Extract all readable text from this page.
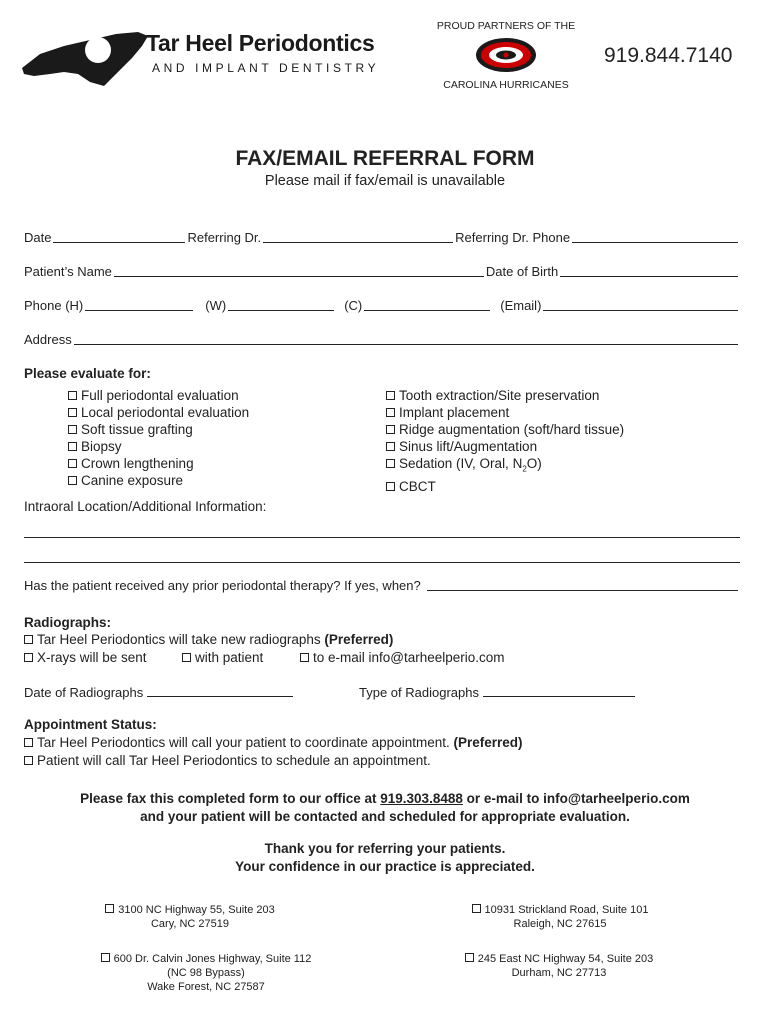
Tar Heel Periodontics
AND IMPLANT DENTISTRY
PROUD PARTNERS OF THE
CAROLINA HURRICANES
919.844.7140
FAX/EMAIL REFERRAL FORM
Please mail if fax/email is unavailable
Date	Referring Dr.	Referring Dr. Phone
Patient’s Name	Date of Birth
Phone (H)	(W)	(C)	(Email)
Address
Please evaluate for:
Full periodontal evaluation
Local periodontal evaluation
Soft tissue grafting
Biopsy
Crown lengthening
Canine exposure
Tooth extraction/Site preservation
Implant placement
Ridge augmentation (soft/hard tissue)
Sinus lift/Augmentation
Sedation (IV, Oral, $N_2O$)
CBCT
Intraoral Location/Additional Information:
Has the patient received any prior periodontal therapy? If yes, when?
Radiographs:
Tar Heel Periodontics will take new radiographs (Preferred)
X-rays will be sent	with patient	to e-mail info@tarheelperio.com
Date of Radiographs	Type of Radiographs
Appointment Status:
Tar Heel Periodontics will call your patient to coordinate appointment. (Preferred)
Patient will call Tar Heel Periodontics to schedule an appointment.
Please fax this completed form to our office at 919.303.8488 or e-mail to info@tarheelperio.com
and your patient will be contacted and scheduled for appropriate evaluation.
Thank you for referring your patients.
Your confidence in our practice is appreciated.
3100 NC Highway 55, Suite 203
Cary, NC 27519
10931 Strickland Road, Suite 101
Raleigh, NC 27615
600 Dr. Calvin Jones Highway, Suite 112
(NC 98 Bypass)
Wake Forest, NC 27587
245 East NC Highway 54, Suite 203
Durham, NC 27713
